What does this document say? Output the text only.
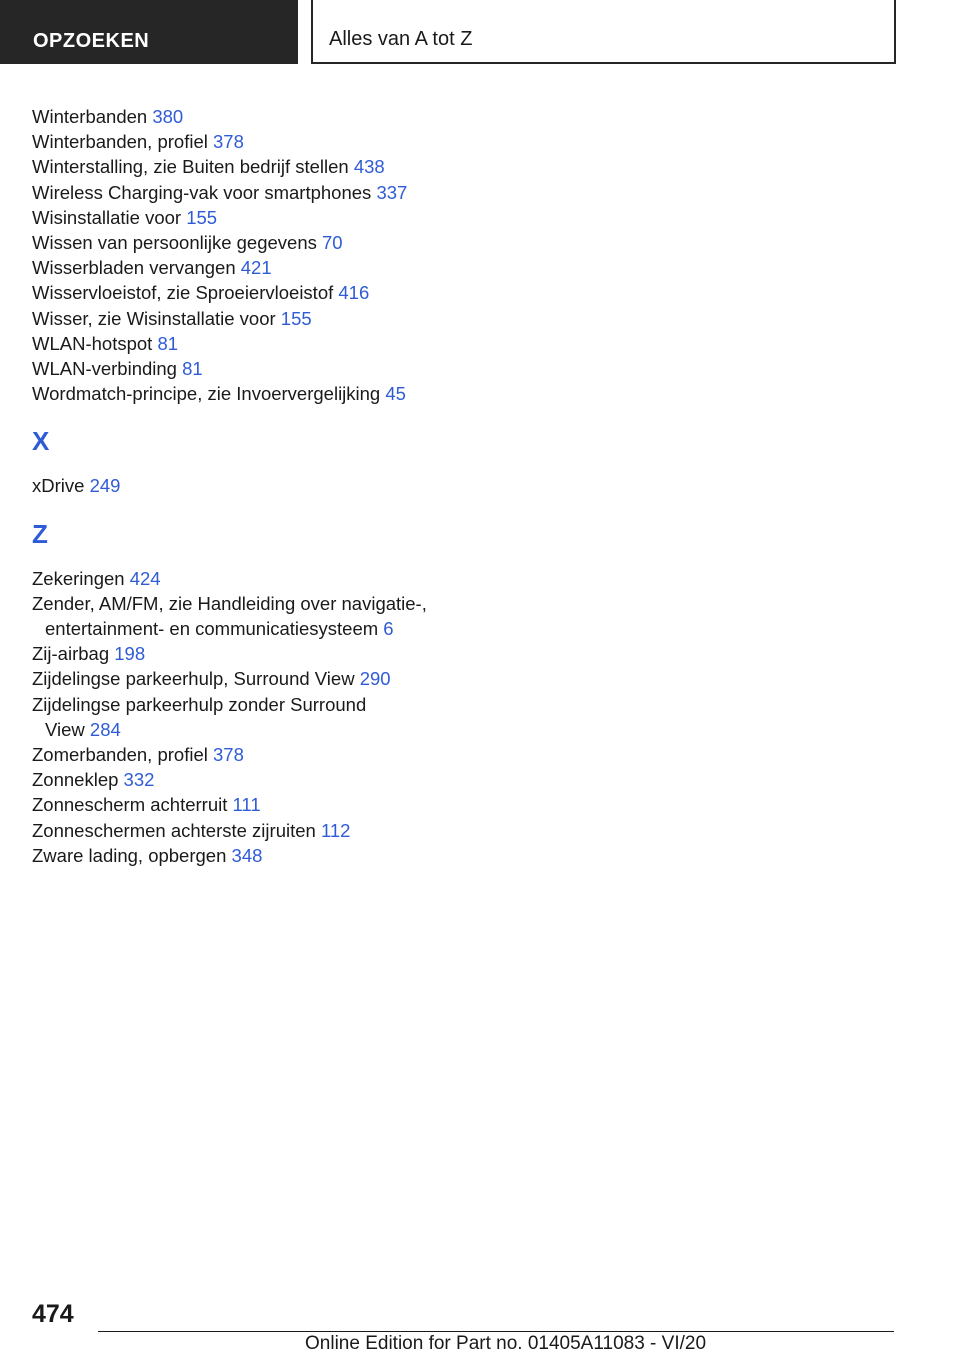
OPZOEKEN	Alles van A tot Z
Winterbanden 380
Winterbanden, profiel 378
Winterstalling, zie Buiten bedrijf stellen 438
Wireless Charging-vak voor smartphones 337
Wisinstallatie voor 155
Wissen van persoonlijke gegevens 70
Wisserbladen vervangen 421
Wisservloeistof, zie Sproeiervloeistof 416
Wisser, zie Wisinstallatie voor 155
WLAN-hotspot 81
WLAN-verbinding 81
Wordmatch-principe, zie Invoervergelijking 45
X
xDrive 249
Z
Zekeringen 424
Zender, AM/FM, zie Handleiding over navigatie-,
entertainment- en communicatiesysteem 6
Zij-airbag 198
Zijdelingse parkeerhulp, Surround View 290
Zijdelingse parkeerhulp zonder Surround
View 284
Zomerbanden, profiel 378
Zonneklep 332
Zonnescherm achterruit 111
Zonneschermen achterste zijruiten 112
Zware lading, opbergen 348
474
Online Edition for Part no. 01405A11083 - VI/20
